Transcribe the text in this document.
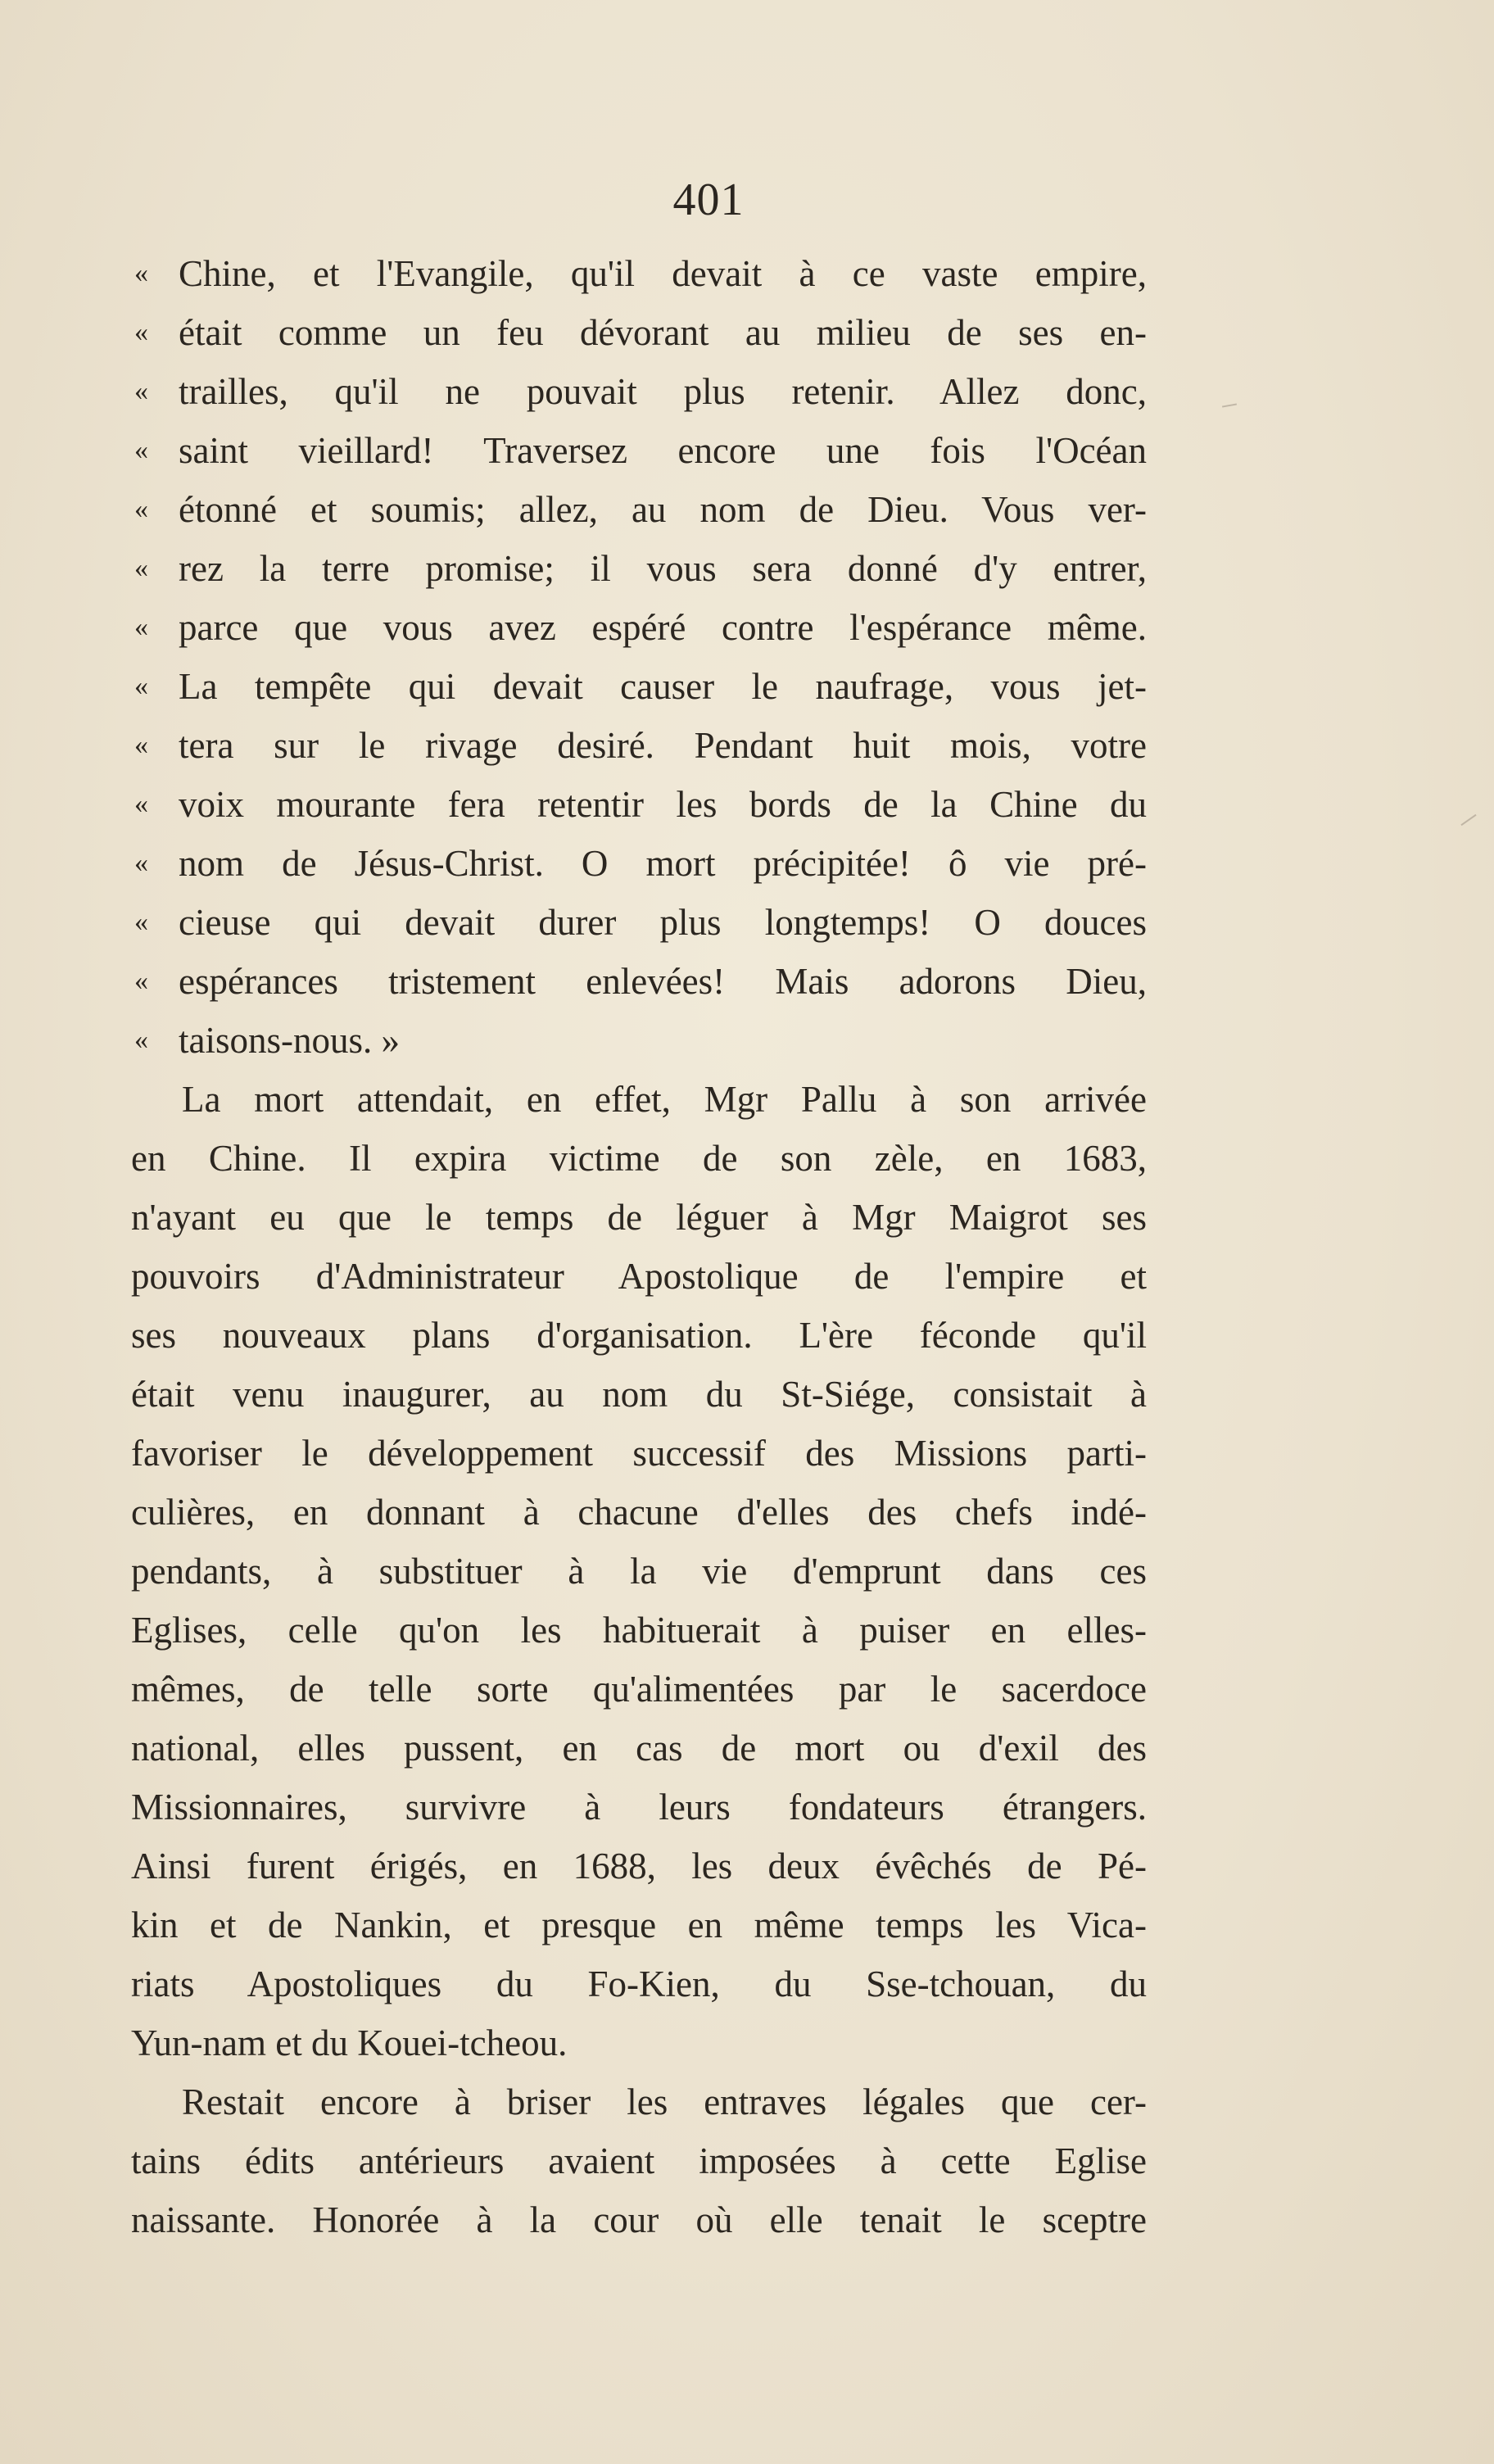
401
« Chine, et l'Evangile, qu'il devait à ce vaste empire,
« était comme un feu dévorant au milieu de ses en-
« trailles, qu'il ne pouvait plus retenir. Allez donc,
« saint vieillard! Traversez encore une fois l'Océan
« étonné et soumis; allez, au nom de Dieu. Vous ver-
« rez la terre promise; il vous sera donné d'y entrer,
« parce que vous avez espéré contre l'espérance même.
« La tempête qui devait causer le naufrage, vous jet-
« tera sur le rivage desiré. Pendant huit mois, votre
« voix mourante fera retentir les bords de la Chine du
« nom de Jésus-Christ. O mort précipitée! ô vie pré-
« cieuse qui devait durer plus longtemps! O douces
« espérances tristement enlevées! Mais adorons Dieu,
« taisons-nous. »
La mort attendait, en effet, Mgr Pallu à son arrivée
en Chine. Il expira victime de son zèle, en 1683,
n'ayant eu que le temps de léguer à Mgr Maigrot ses
pouvoirs d'Administrateur Apostolique de l'empire et
ses nouveaux plans d'organisation. L'ère féconde qu'il
était venu inaugurer, au nom du St-Siége, consistait à
favoriser le développement successif des Missions parti-
culières, en donnant à chacune d'elles des chefs indé-
pendants, à substituer à la vie d'emprunt dans ces
Eglises, celle qu'on les habituerait à puiser en elles-
mêmes, de telle sorte qu'alimentées par le sacerdoce
national, elles pussent, en cas de mort ou d'exil des
Missionnaires, survivre à leurs fondateurs étrangers.
Ainsi furent érigés, en 1688, les deux évêchés de Pé-
kin et de Nankin, et presque en même temps les Vica-
riats Apostoliques du Fo-Kien, du Sse-tchouan, du
Yun-nam et du Kouei-tcheou.
Restait encore à briser les entraves légales que cer-
tains édits antérieurs avaient imposées à cette Eglise
naissante. Honorée à la cour où elle tenait le sceptre
